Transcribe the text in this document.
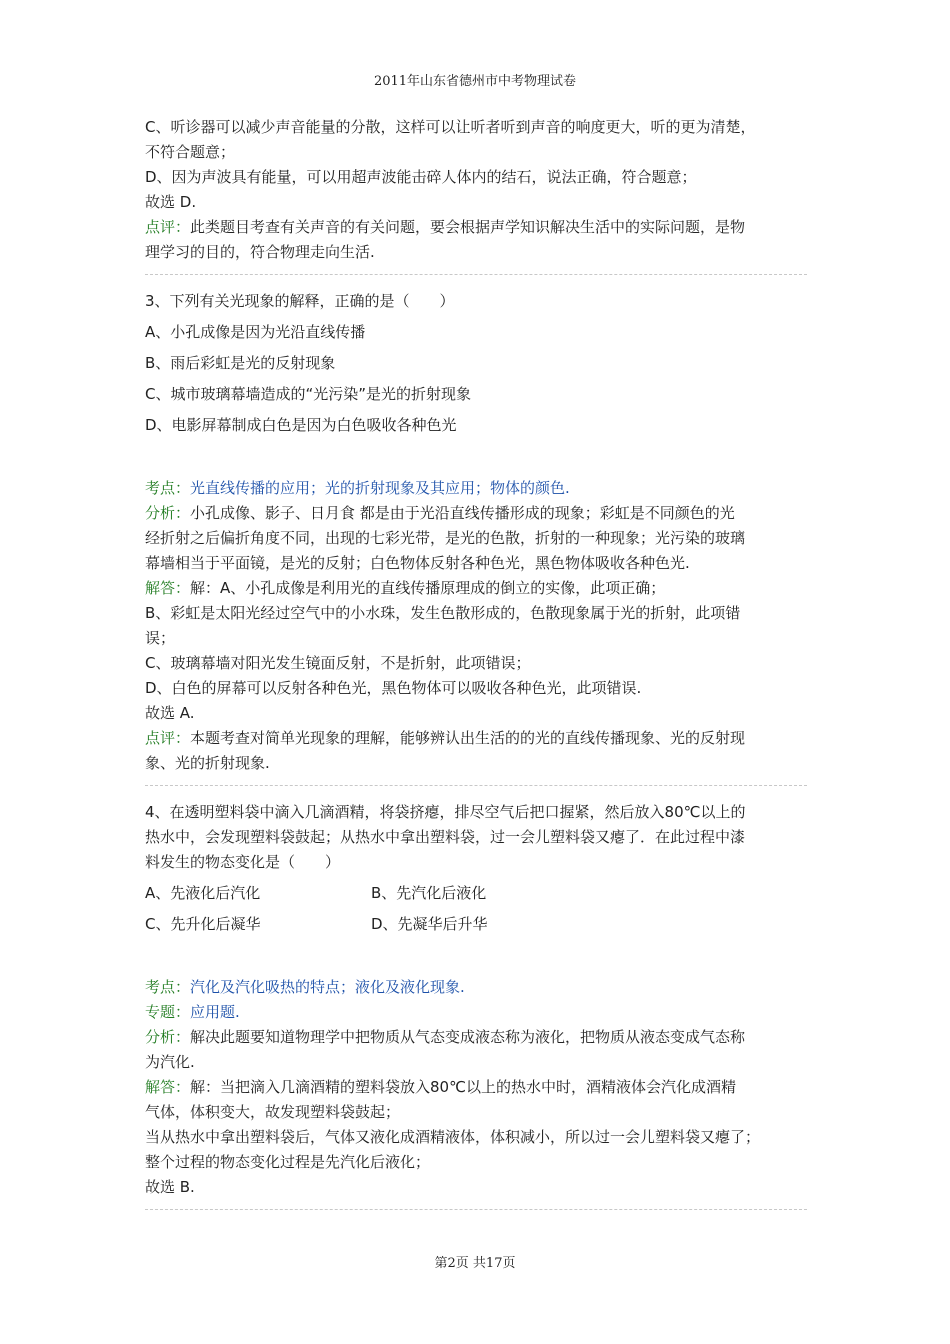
2011年山东省德州市中考物理试卷

C、听诊器可以减少声音能量的分散，这样可以让听者听到声音的响度更大，听的更为清楚，

不符合题意；

D、因为声波具有能量，可以用超声波能击碎人体内的结石，说法正确，符合题意；

故选 D.

点评：此类题目考查有关声音的有关问题，要会根据声学知识解决生活中的实际问题，是物

理学习的目的，符合物理走向生活.

3、下列有关光现象的解释，正确的是（　　）

A、小孔成像是因为光沿直线传播

B、雨后彩虹是光的反射现象

C、城市玻璃幕墙造成的“光污染”是光的折射现象

D、电影屏幕制成白色是因为白色吸收各种色光

考点：光直线传播的应用；光的折射现象及其应用；物体的颜色.

分析：小孔成像、影子、日月食 都是由于光沿直线传播形成的现象；彩虹是不同颜色的光

经折射之后偏折角度不同，出现的七彩光带，是光的色散，折射的一种现象；光污染的玻璃

幕墙相当于平面镜，是光的反射；白色物体反射各种色光，黑色物体吸收各种色光.

解答：解：A、小孔成像是利用光的直线传播原理成的倒立的实像，此项正确；

B、彩虹是太阳光经过空气中的小水珠，发生色散形成的，色散现象属于光的折射，此项错

误；

C、玻璃幕墙对阳光发生镜面反射，不是折射，此项错误；

D、白色的屏幕可以反射各种色光，黑色物体可以吸收各种色光，此项错误.

故选 A.

点评：本题考查对简单光现象的理解，能够辨认出生活的的光的直线传播现象、光的反射现

象、光的折射现象.

4、在透明塑料袋中滴入几滴酒精，将袋挤瘪，排尽空气后把口握紧，然后放入80℃以上的

热水中，会发现塑料袋鼓起；从热水中拿出塑料袋，过一会儿塑料袋又瘪了．在此过程中漆

料发生的物态变化是（　　）

A、先液化后汽化	B、先汽化后液化
C、先升化后凝华	D、先凝华后升华

考点：汽化及汽化吸热的特点；液化及液化现象.

专题：应用题.

分析：解决此题要知道物理学中把物质从气态变成液态称为液化，把物质从液态变成气态称

为汽化.

解答：解：当把滴入几滴酒精的塑料袋放入80℃以上的热水中时，酒精液体会汽化成酒精

气体，体积变大，故发现塑料袋鼓起；

当从热水中拿出塑料袋后，气体又液化成酒精液体，体积减小，所以过一会儿塑料袋又瘪了；

整个过程的物态变化过程是先汽化后液化；

故选 B.

第2页 共17页
